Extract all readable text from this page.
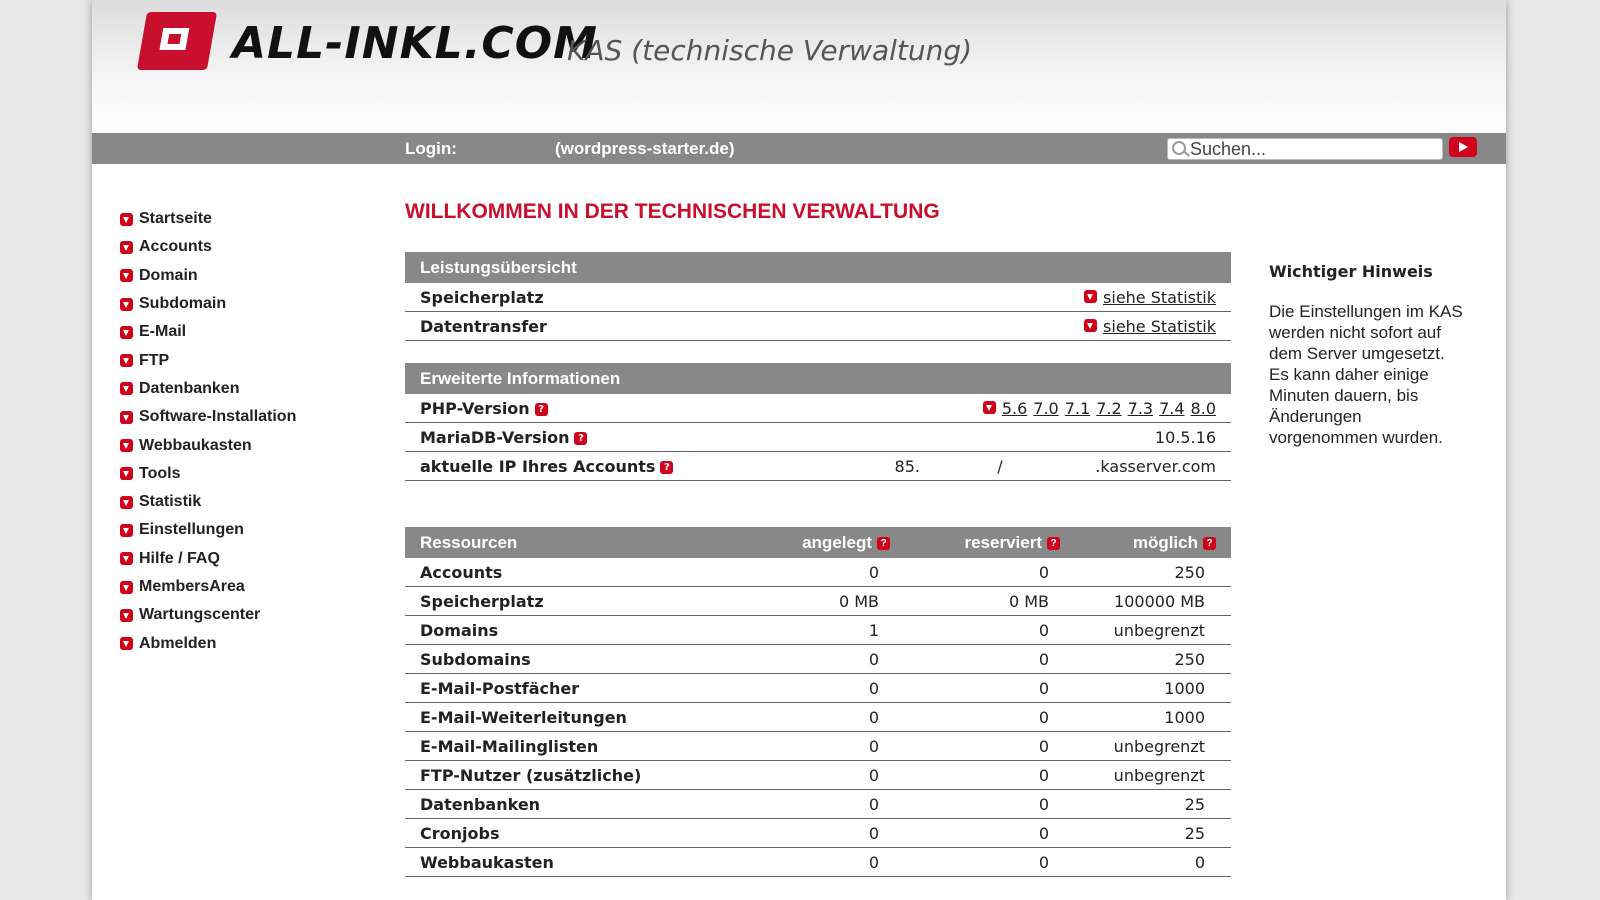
ALL-INKL.COM
KAS (technische Verwaltung)
Login:	(wordpress-starter.de)
Suchen...
Startseite
Accounts
Domain
Subdomain
E-Mail
FTP
Datenbanken
Software-Installation
Webbaukasten
Tools
Statistik
Einstellungen
Hilfe / FAQ
MembersArea
Wartungscenter
Abmelden
WILLKOMMEN IN DER TECHNISCHEN VERWALTUNG
Leistungsübersicht	
Speicherplatz	siehe Statistik
Datentransfer	siehe Statistik
Erweiterte Informationen			
PHP-Version ?	5.6 7.0 7.1 7.2 7.3 7.4 8.0		
MariaDB-Version ?	10.5.16		
aktuelle IP Ihres Accounts ?	85.	/	.kasserver.com
Ressourcen	angelegt ?	reserviert ?	möglich ?
Accounts	0	0	250
Speicherplatz	0 MB	0 MB	100000 MB
Domains	1	0	unbegrenzt
Subdomains	0	0	250
E-Mail-Postfächer	0	0	1000
E-Mail-Weiterleitungen	0	0	1000
E-Mail-Mailinglisten	0	0	unbegrenzt
FTP-Nutzer (zusätzliche)	0	0	unbegrenzt
Datenbanken	0	0	25
Cronjobs	0	0	25
Webbaukasten	0	0	0
Wichtiger Hinweis

Die Einstellungen im KAS werden nicht sofort auf dem Server umgesetzt. Es kann daher einige Minuten dauern, bis Änderungen vorgenommen wurden.
